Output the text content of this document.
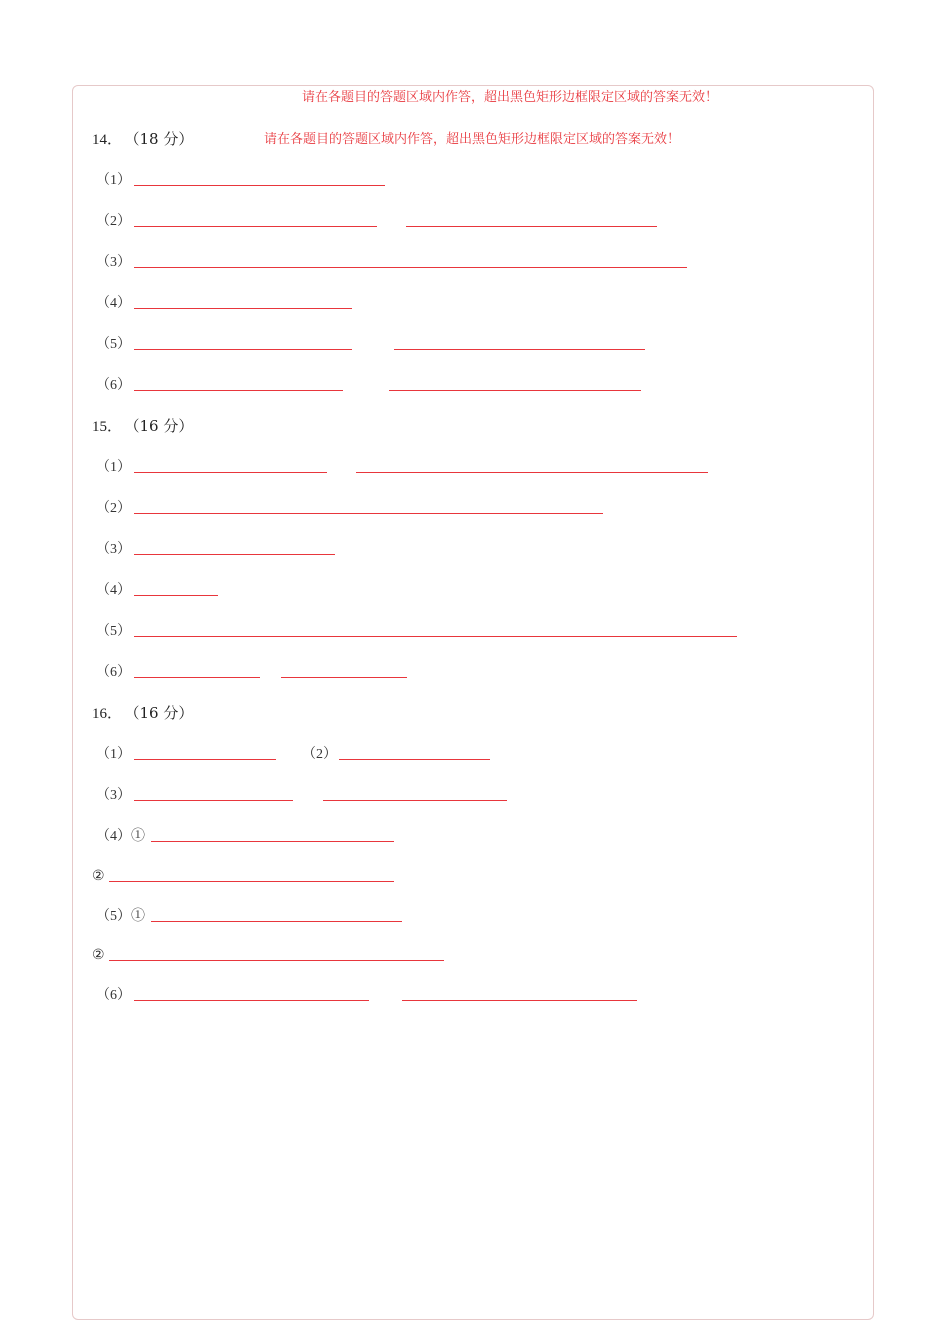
请在各题目的答题区域内作答，超出黑色矩形边框限定区域的答案无效！
14． （18 分）	请在各题目的答题区域内作答，超出黑色矩形边框限定区域的答案无效！
（1）
（2）
（3）
（4）
（5）
（6）
15． （16 分）
（1）
（2）
（3）
（4）
（5）
（6）
16． （16 分）
（1）	（2）
（3）
（4）①
②
（5）①
②
（6）
